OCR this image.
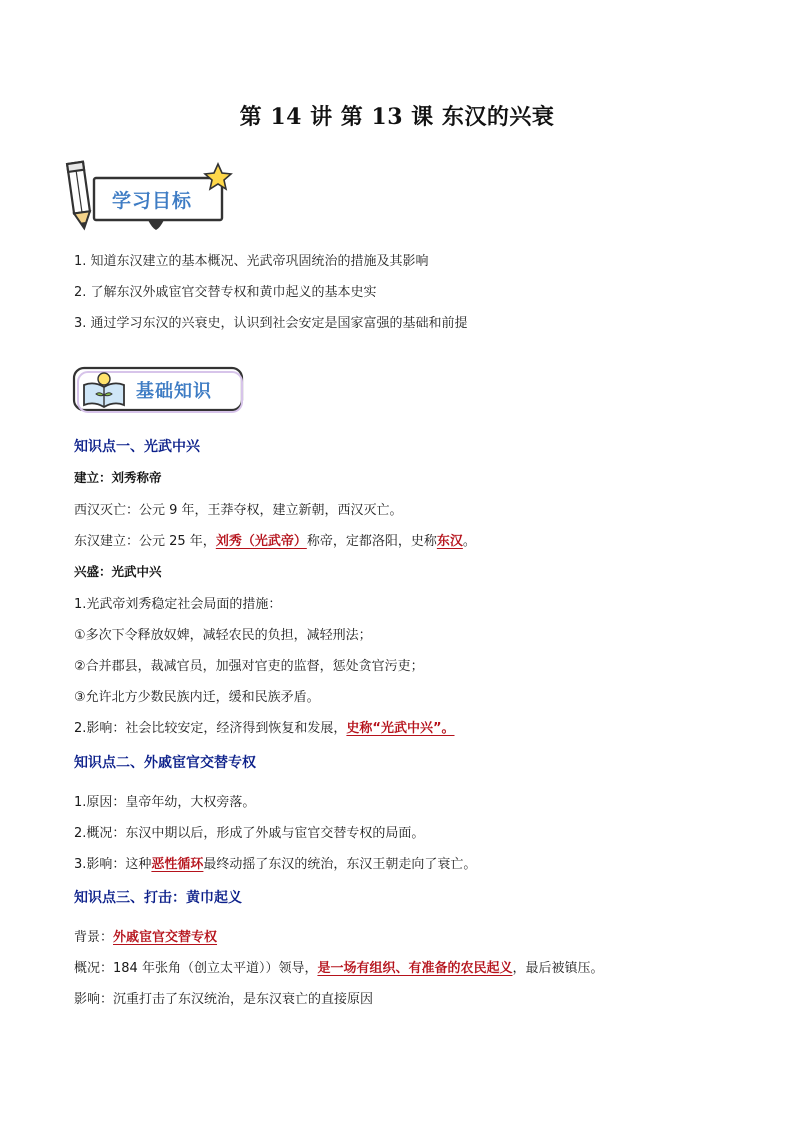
第 14 讲 第 13 课 东汉的兴衰
学习目标
1. 知道东汉建立的基本概况、光武帝巩固统治的措施及其影响
2. 了解东汉外戚宦官交替专权和黄巾起义的基本史实
3. 通过学习东汉的兴衰史，认识到社会安定是国家富强的基础和前提
基础知识
知识点一、光武中兴
建立：刘秀称帝
西汉灭亡：公元 9 年，王莽夺权，建立新朝，西汉灭亡。
东汉建立：公元 25 年，刘秀（光武帝）称帝，定都洛阳，史称东汉。
兴盛：光武中兴
1.光武帝刘秀稳定社会局面的措施：
①多次下令释放奴婢，减轻农民的负担，减轻刑法；
②合并郡县，裁减官员，加强对官吏的监督，惩处贪官污吏；
③允许北方少数民族内迁，缓和民族矛盾。
2.影响：社会比较安定，经济得到恢复和发展，史称“光武中兴”。
知识点二、外戚宦官交替专权
1.原因：皇帝年幼，大权旁落。
2.概况：东汉中期以后，形成了外戚与宦官交替专权的局面。
3.影响：这种恶性循环最终动摇了东汉的统治，东汉王朝走向了衰亡。
知识点三、打击：黄巾起义
背景：外戚宦官交替专权
概况：184 年张角（创立太平道））领导，是一场有组织、有准备的农民起义，最后被镇压。
影响：沉重打击了东汉统治，是东汉衰亡的直接原因
